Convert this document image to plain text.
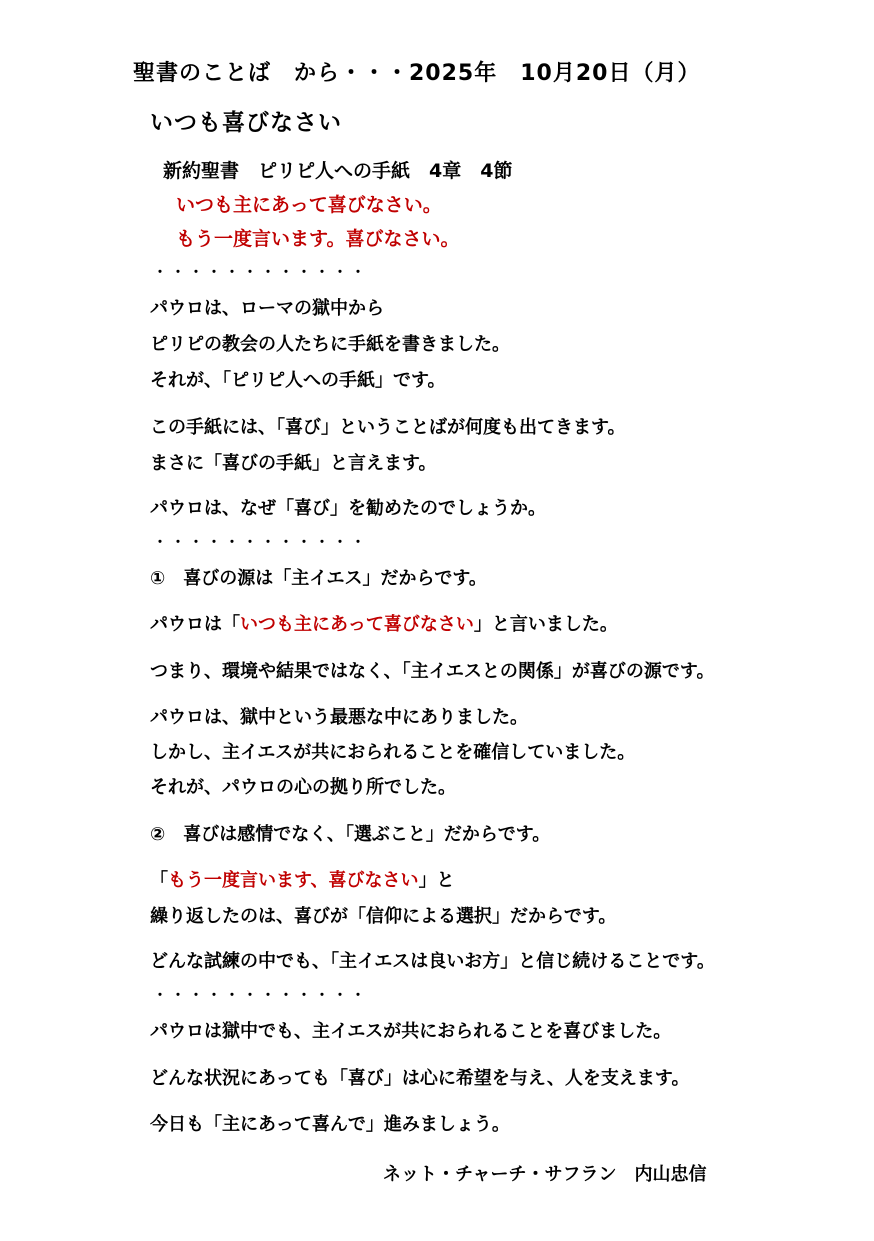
聖書のことば　から・・・2025年　10月20日（月）

いつも喜びなさい

新約聖書　ピリピ人への手紙　4章　4節

いつも主にあって喜びなさい。

もう一度言います。喜びなさい。

・・・・・・・・・・・・

パウロは、ローマの獄中から

ピリピの教会の人たちに手紙を書きました。

それが、「ピリピ人への手紙」です。

この手紙には、「喜び」ということばが何度も出てきます。

まさに「喜びの手紙」と言えます。

パウロは、なぜ「喜び」を勧めたのでしょうか。

・・・・・・・・・・・・

①　喜びの源は「主イエス」だからです。

パウロは「いつも主にあって喜びなさい」と言いました。

つまり、環境や結果ではなく、「主イエスとの関係」が喜びの源です。

パウロは、獄中という最悪な中にありました。

しかし、主イエスが共におられることを確信していました。

それが、パウロの心の拠り所でした。

②　喜びは感情でなく、「選ぶこと」だからです。

「もう一度言います、喜びなさい」と

繰り返したのは、喜びが「信仰による選択」だからです。

どんな試練の中でも、「主イエスは良いお方」と信じ続けることです。

・・・・・・・・・・・・

パウロは獄中でも、主イエスが共におられることを喜びました。

どんな状況にあっても「喜び」は心に希望を与え、人を支えます。

今日も「主にあって喜んで」進みましょう。

ネット・チャーチ・サフラン　内山忠信
